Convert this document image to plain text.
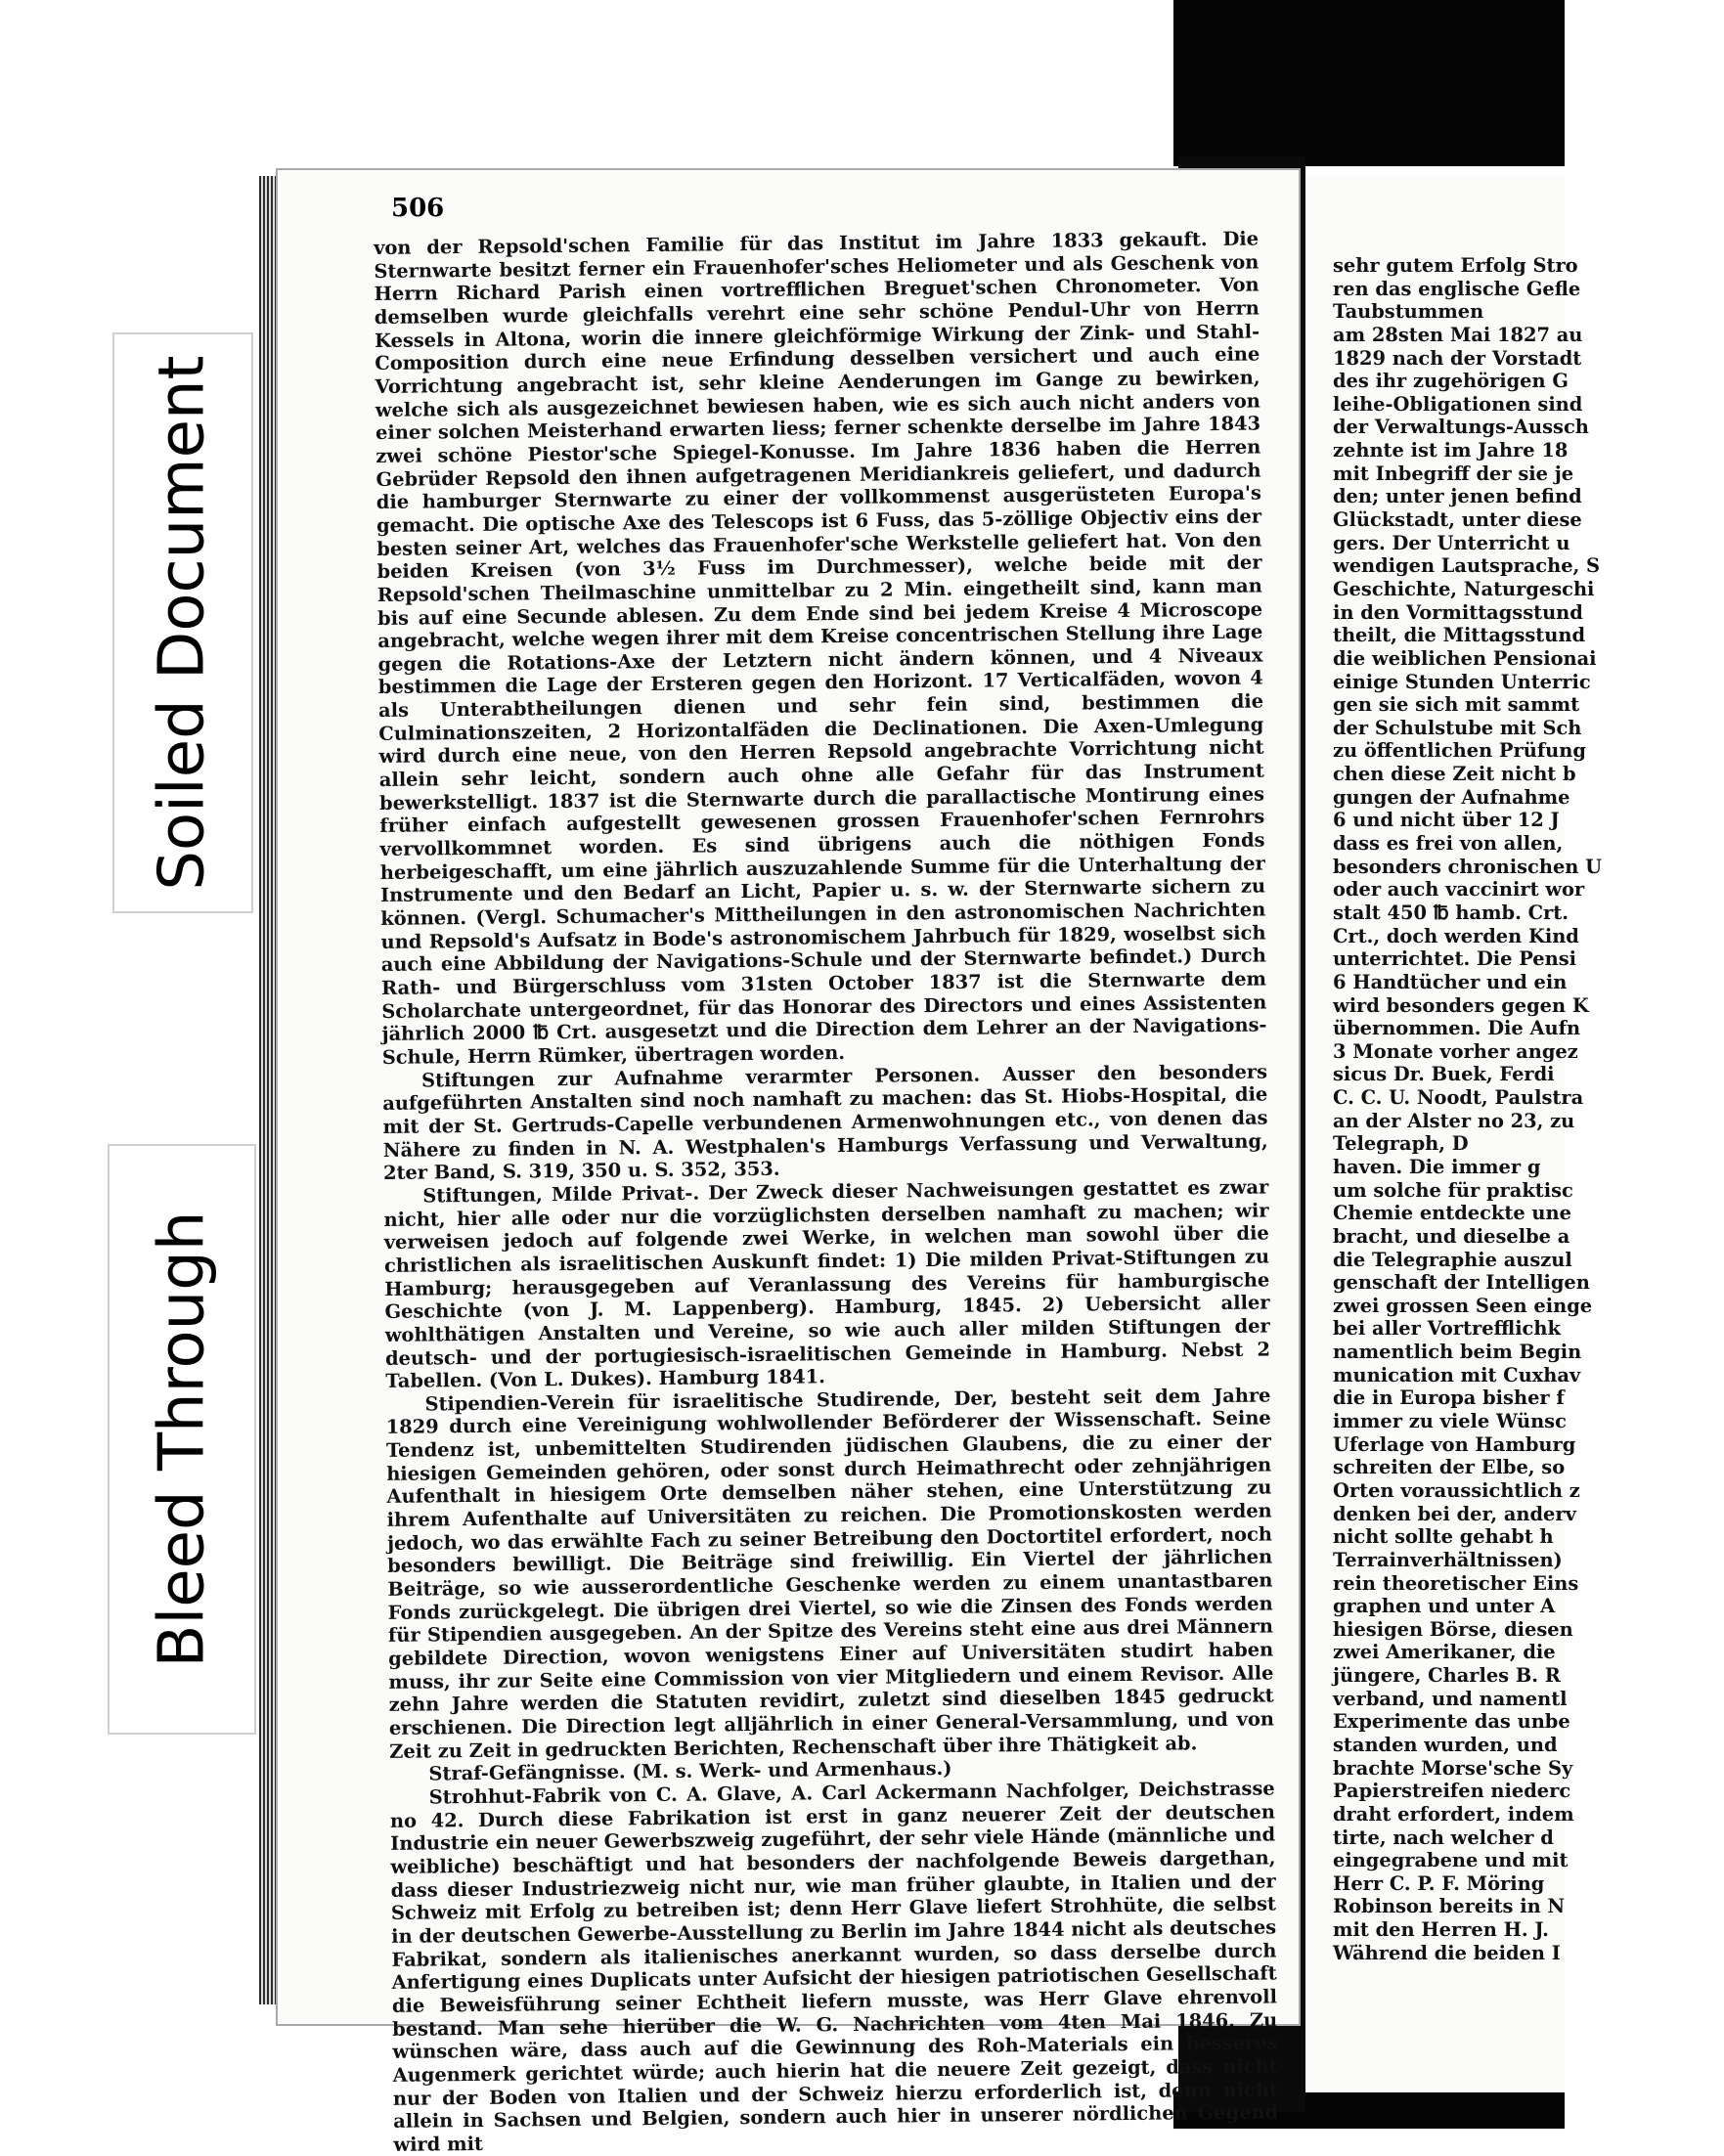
Soiled Document
Bleed Through
506

von der Repsold'schen Familie für das Institut im Jahre 1833 gekauft. Die Sternwarte besitzt ferner ein Frauenhofer'sches Heliometer und als Geschenk von Herrn Richard Parish einen vortrefflichen Breguet'schen Chronometer. Von demselben wurde gleichfalls verehrt eine sehr schöne Pendul-Uhr von Herrn Kessels in Altona, worin die innere gleichförmige Wirkung der Zink- und Stahl-Composition durch eine neue Erfindung desselben versichert und auch eine Vorrichtung angebracht ist, sehr kleine Aenderungen im Gange zu bewirken, welche sich als ausgezeichnet bewiesen haben, wie es sich auch nicht anders von einer solchen Meisterhand erwarten liess; ferner schenkte derselbe im Jahre 1843 zwei schöne Piestor'sche Spiegel-Konusse. Im Jahre 1836 haben die Herren Gebrüder Repsold den ihnen aufgetragenen Meridiankreis geliefert, und dadurch die hamburger Sternwarte zu einer der vollkommenst ausgerüsteten Europa's gemacht. Die optische Axe des Telescops ist 6 Fuss, das 5-zöllige Objectiv eins der besten seiner Art, welches das Frauenhofer'sche Werkstelle geliefert hat. Von den beiden Kreisen (von 3½ Fuss im Durchmesser), welche beide mit der Repsold'schen Theilmaschine unmittelbar zu 2 Min. eingetheilt sind, kann man bis auf eine Secunde ablesen. Zu dem Ende sind bei jedem Kreise 4 Microscope angebracht, welche wegen ihrer mit dem Kreise concentrischen Stellung ihre Lage gegen die Rotations-Axe der Letztern nicht ändern können, und 4 Niveaux bestimmen die Lage der Ersteren gegen den Horizont. 17 Verticalfäden, wovon 4 als Unterabtheilungen dienen und sehr fein sind, bestimmen die Culminationszeiten, 2 Horizontalfäden die Declinationen. Die Axen-Umlegung wird durch eine neue, von den Herren Repsold angebrachte Vorrichtung nicht allein sehr leicht, sondern auch ohne alle Gefahr für das Instrument bewerkstelligt. 1837 ist die Sternwarte durch die parallactische Montirung eines früher einfach aufgestellt gewesenen grossen Frauenhofer'schen Fernrohrs vervollkommnet worden. Es sind übrigens auch die nöthigen Fonds herbeigeschafft, um eine jährlich auszuzahlende Summe für die Unterhaltung der Instrumente und den Bedarf an Licht, Papier u. s. w. der Sternwarte sichern zu können. (Vergl. Schumacher's Mittheilungen in den astronomischen Nachrichten und Repsold's Aufsatz in Bode's astronomischem Jahrbuch für 1829, woselbst sich auch eine Abbildung der Navigations-Schule und der Sternwarte befindet.) Durch Rath- und Bürgerschluss vom 31sten October 1837 ist die Sternwarte dem Scholarchate untergeordnet, für das Honorar des Directors und eines Assistenten jährlich 2000 ℔ Crt. ausgesetzt und die Direction dem Lehrer an der Navigations-Schule, Herrn Rümker, übertragen worden.

Stiftungen zur Aufnahme verarmter Personen. Ausser den besonders aufgeführten Anstalten sind noch namhaft zu machen: das St. Hiobs-Hospital, die mit der St. Gertruds-Capelle verbundenen Armenwohnungen etc., von denen das Nähere zu finden in N. A. Westphalen's Hamburgs Verfassung und Verwaltung, 2ter Band, S. 319, 350 u. S. 352, 353.

Stiftungen, Milde Privat-. Der Zweck dieser Nachweisungen gestattet es zwar nicht, hier alle oder nur die vorzüglichsten derselben namhaft zu machen; wir verweisen jedoch auf folgende zwei Werke, in welchen man sowohl über die christlichen als israelitischen Auskunft findet: 1) Die milden Privat-Stiftungen zu Hamburg; herausgegeben auf Veranlassung des Vereins für hamburgische Geschichte (von J. M. Lappenberg). Hamburg, 1845. 2) Uebersicht aller wohlthätigen Anstalten und Vereine, so wie auch aller milden Stiftungen der deutsch- und der portugiesisch-israelitischen Gemeinde in Hamburg. Nebst 2 Tabellen. (Von L. Dukes). Hamburg 1841.

Stipendien-Verein für israelitische Studirende, Der, besteht seit dem Jahre 1829 durch eine Vereinigung wohlwollender Beförderer der Wissenschaft. Seine Tendenz ist, unbemittelten Studirenden jüdischen Glaubens, die zu einer der hiesigen Gemeinden gehören, oder sonst durch Heimathrecht oder zehnjährigen Aufenthalt in hiesigem Orte demselben näher stehen, eine Unterstützung zu ihrem Aufenthalte auf Universitäten zu reichen. Die Promotionskosten werden jedoch, wo das erwählte Fach zu seiner Betreibung den Doctortitel erfordert, noch besonders bewilligt. Die Beiträge sind freiwillig. Ein Viertel der jährlichen Beiträge, so wie ausserordentliche Geschenke werden zu einem unantastbaren Fonds zurückgelegt. Die übrigen drei Viertel, so wie die Zinsen des Fonds werden für Stipendien ausgegeben. An der Spitze des Vereins steht eine aus drei Männern gebildete Direction, wovon wenigstens Einer auf Universitäten studirt haben muss, ihr zur Seite eine Commission von vier Mitgliedern und einem Revisor. Alle zehn Jahre werden die Statuten revidirt, zuletzt sind dieselben 1845 gedruckt erschienen. Die Direction legt alljährlich in einer General-Versammlung, und von Zeit zu Zeit in gedruckten Berichten, Rechenschaft über ihre Thätigkeit ab.

Straf-Gefängnisse. (M. s. Werk- und Armenhaus.)

Strohhut-Fabrik von C. A. Glave, A. Carl Ackermann Nachfolger, Deichstrasse no 42. Durch diese Fabrikation ist erst in ganz neuerer Zeit der deutschen Industrie ein neuer Gewerbszweig zugeführt, der sehr viele Hände (männliche und weibliche) beschäftigt und hat besonders der nachfolgende Beweis dargethan, dass dieser Industriezweig nicht nur, wie man früher glaubte, in Italien und der Schweiz mit Erfolg zu betreiben ist; denn Herr Glave liefert Strohhüte, die selbst in der deutschen Gewerbe-Ausstellung zu Berlin im Jahre 1844 nicht als deutsches Fabrikat, sondern als italienisches anerkannt wurden, so dass derselbe durch Anfertigung eines Duplicats unter Aufsicht der hiesigen patriotischen Gesellschaft die Beweisführung seiner Echtheit liefern musste, was Herr Glave ehrenvoll bestand. Man sehe hierüber die W. G. Nachrichten vom 4ten Mai 1846. Zu wünschen wäre, dass auch auf die Gewinnung des Roh-Materials ein besseres Augenmerk gerichtet würde; auch hierin hat die neuere Zeit gezeigt, dass nicht nur der Boden von Italien und der Schweiz hierzu erforderlich ist, denn nicht allein in Sachsen und Belgien, sondern auch hier in unserer nördlichen Gegend wird mit

sehr gutem Erfolg Stro
ren das englische Gefle
Taubstummen
am 28sten Mai 1827 au
1829 nach der Vorstadt
des ihr zugehörigen G
leihe-Obligationen sind
der Verwaltungs-Aussch
zehnte ist im Jahre 18
mit Inbegriff der sie je
den; unter jenen befind
Glückstadt, unter diese
gers. Der Unterricht u
wendigen Lautsprache, S
Geschichte, Naturgeschi
in den Vormittagsstund
theilt, die Mittagsstund
die weiblichen Pensionai
einige Stunden Unterric
gen sie sich mit sammt
der Schulstube mit Sch
zu öffentlichen Prüfung
chen diese Zeit nicht b
gungen der Aufnahme
6 und nicht über 12 J
dass es frei von allen,
besonders chronischen U
oder auch vaccinirt wor
stalt 450 ℔ hamb. Crt.
Crt., doch werden Kind
unterrichtet. Die Pensi
6 Handtücher und ein
wird besonders gegen K
übernommen. Die Aufn
3 Monate vorher angez
sicus Dr. Buek, Ferdi
C. C. U. Noodt, Paulstra
an der Alster no 23, zu
Telegraph, D
haven. Die immer g
um solche für praktisc
Chemie entdeckte une
bracht, und dieselbe a
die Telegraphie auszul
genschaft der Intelligen
zwei grossen Seen einge
bei aller Vortrefflichk
namentlich beim Begin
munication mit Cuxhav
die in Europa bisher f
immer zu viele Wünsc
Uferlage von Hamburg
schreiten der Elbe, so
Orten voraussichtlich z
denken bei der, anderv
nicht sollte gehabt h
Terrainverhältnissen)
rein theoretischer Eins
graphen und unter A
hiesigen Börse, diesen
zwei Amerikaner, die
jüngere, Charles B. R
verband, und namentl
Experimente das unbe
standen wurden, und
brachte Morse'sche Sy
Papierstreifen niederc
draht erfordert, indem
tirte, nach welcher d
eingegrabene und mit
Herr C. P. F. Möring
Robinson bereits in N
mit den Herren H. J.
Während die beiden I
